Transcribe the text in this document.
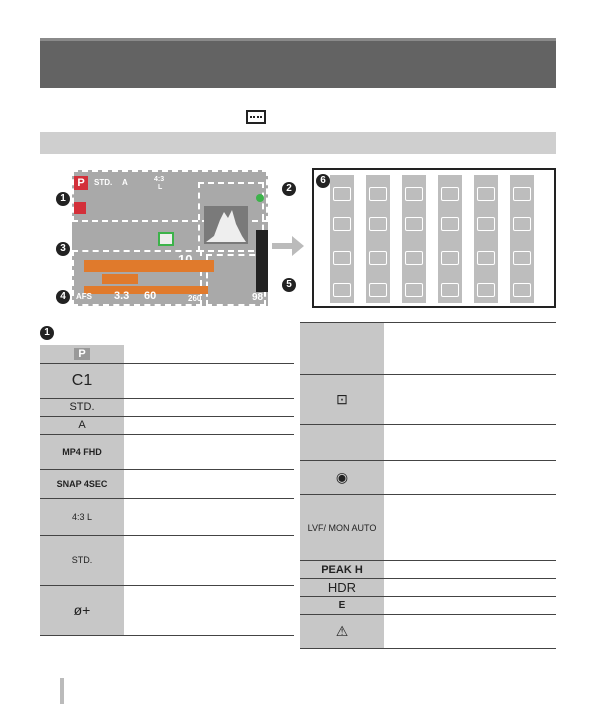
P	STD. A	4:3
L
AFS 3.3 60	260	98
1
2
3
4
5
6
1
P	
C1	
STD.	
A	
MP4 FHD	
SNAP 4SEC	
4:3 L	
STD.	
ø+	

⊡	

◉	
LVF/ MON AUTO	
PEAK H	
HDR	
E	
⚠	
